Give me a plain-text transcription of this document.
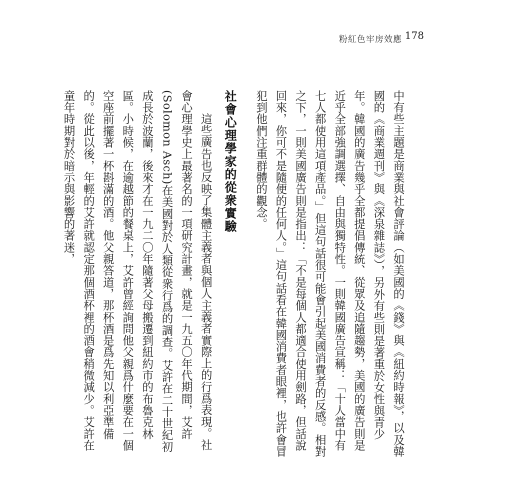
粉紅色牢房效應 178

中有些主題是商業與社會評論（如美國的《錢》與《紐約時報》，以及韓國的《商業週刊》與《深泉雜誌》），另外有些則是著重於女性與青少年。韓國的廣告幾乎全都提倡傳統、從眾及追隨趨勢，美國的廣告則是近乎全部強調選擇、自由與獨特性。一則韓國廣告宣稱：「十人當中有七人都使用這項產品。」但這句話很可能會引起美國消費者的反感。相對之下，一則美國廣告則是指出：「不是每個人都適合使用劍路，但話說回來，你可不是隨便的任何人。」這句話看在韓國消費者眼裡，也許會冒犯到他們注重群體的觀念。

社會心理學家的從衆實驗

這些廣告也反映了集體主義者與個人主義者實際上的行爲表現。社會心理學史上最著名的一項研究計畫，就是一九五〇年代期間，艾許(Solomon Asch)在美國對於人類從衆行爲的調查。艾許在二十世紀初成長於波蘭，後來才在一九二〇年隨著父母搬遷到紐約市的布魯克林區。小時候，在逾越節的餐桌上，艾許曾經詢問他父親爲什麼要在一個空座前擺著一杯斟滿的酒。他父親答道，那杯酒是爲先知以利亞準備的。從此以後，年輕的艾許就認定那個酒杯裡的酒會稍微減少。艾許在童年時期對於暗示與影響的著迷，
